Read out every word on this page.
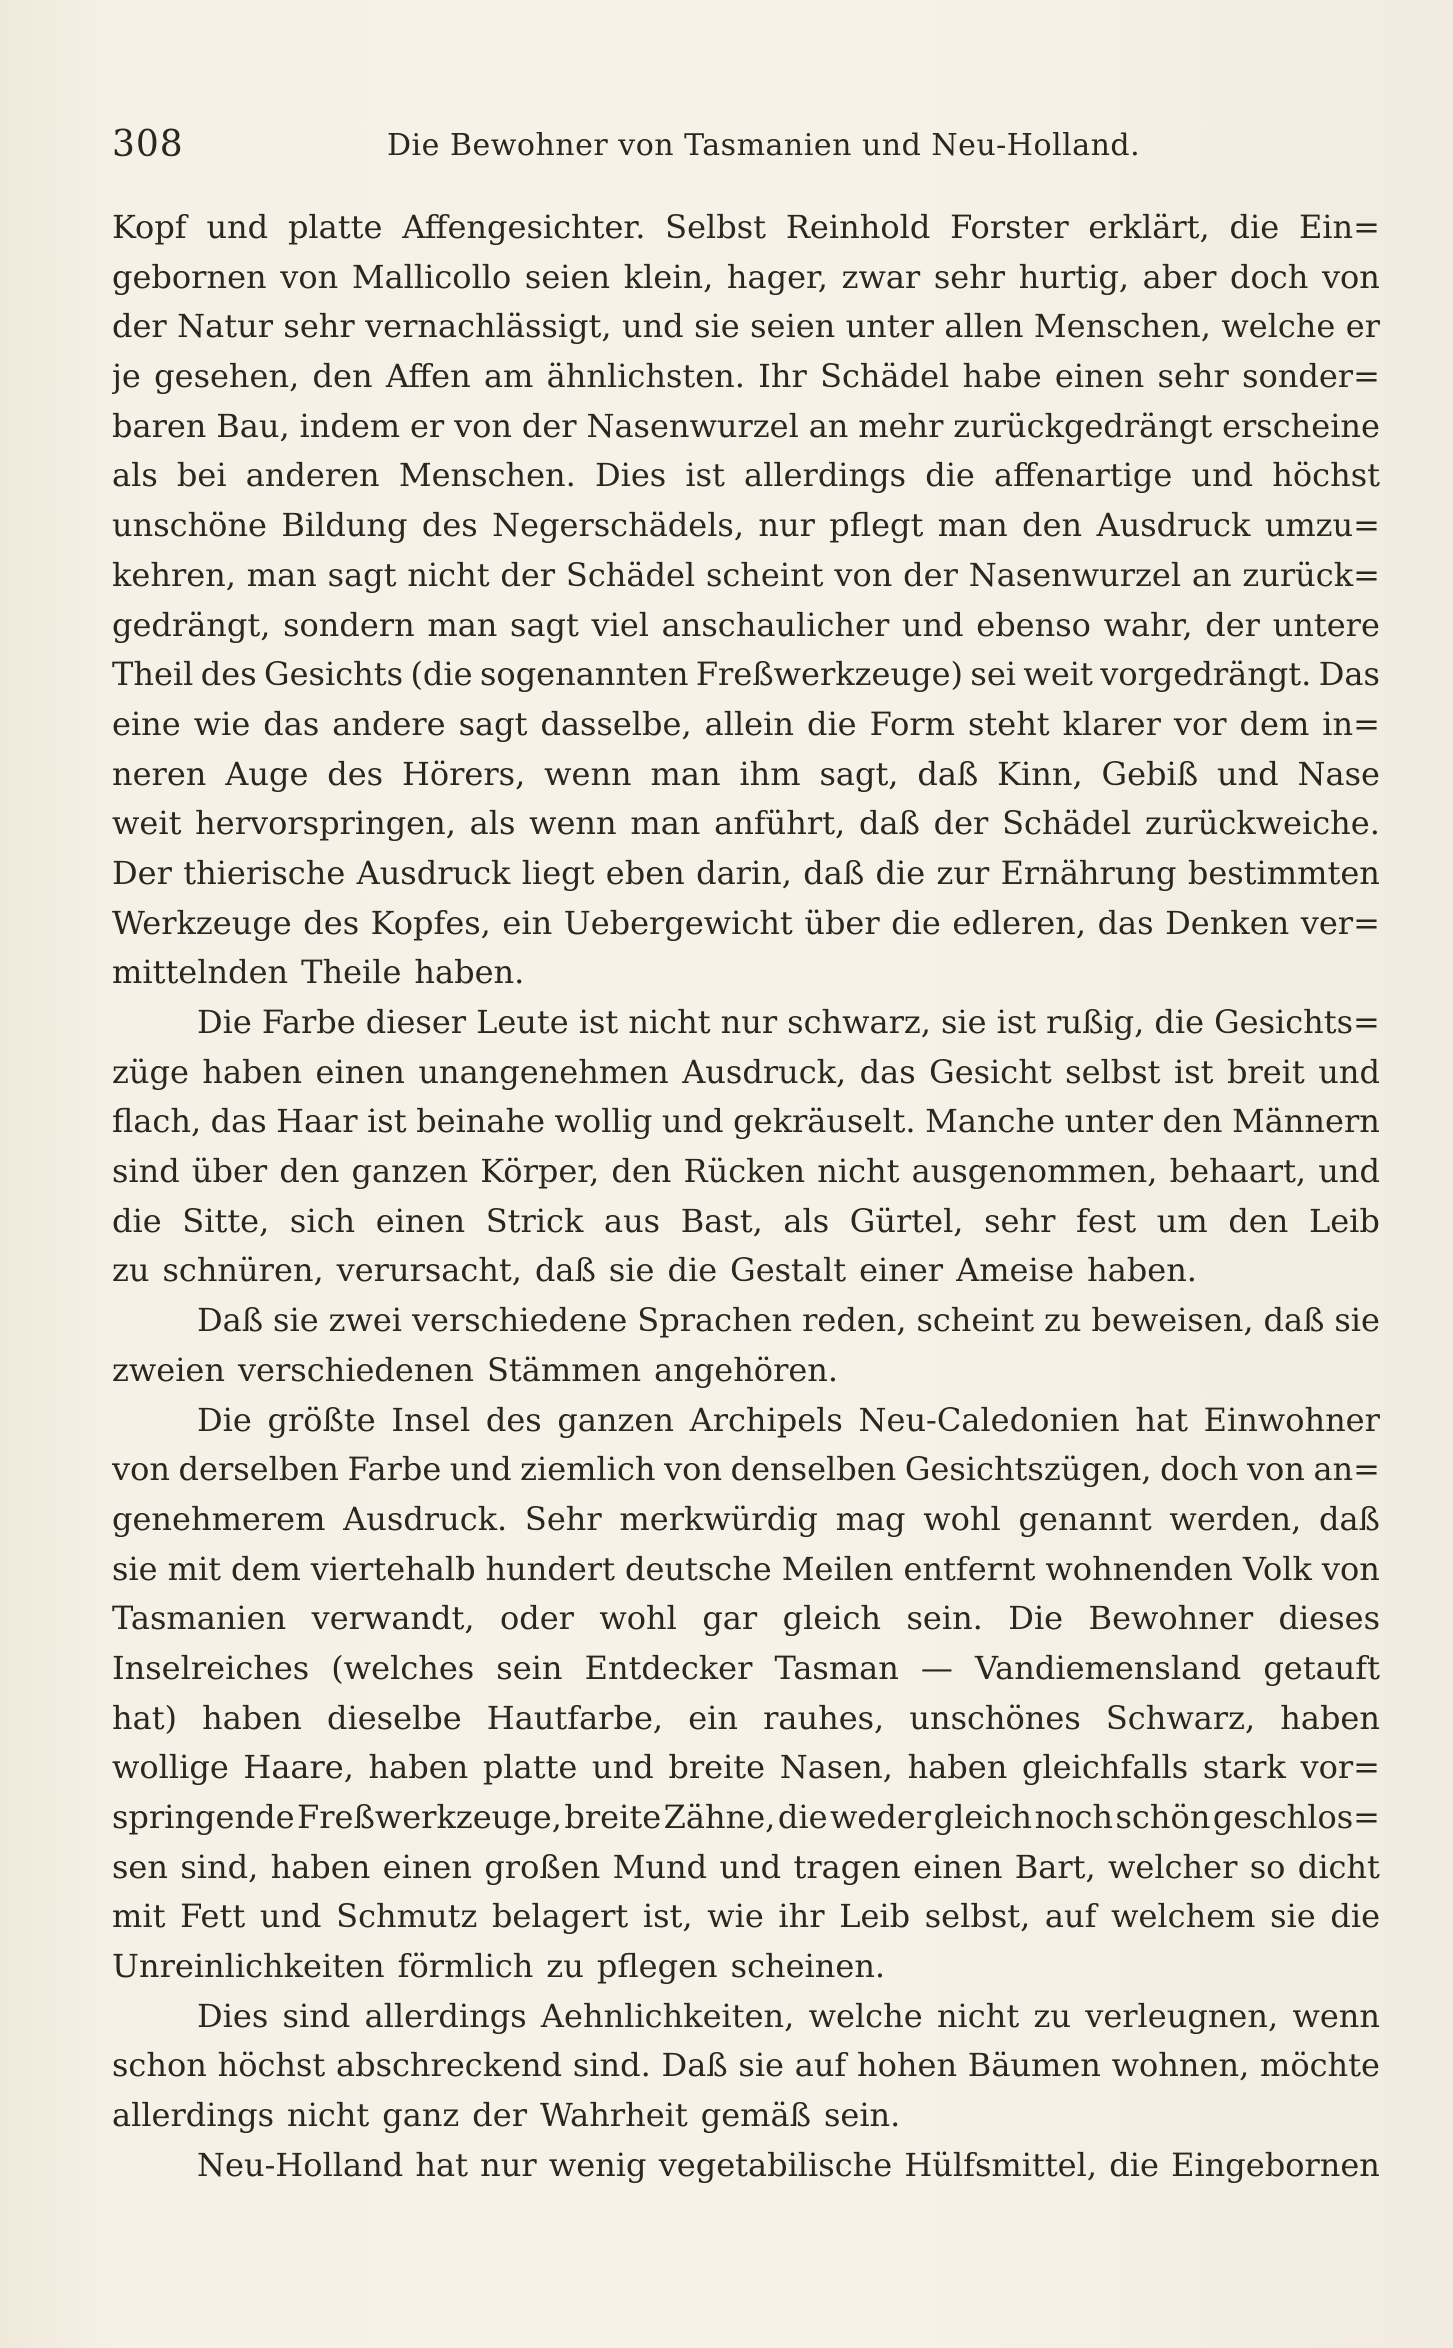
308	Die Bewohner von Tasmanien und Neu-Holland.
Kopf und platte Affengesichter. Selbst Reinhold Forster erklärt, die Ein=
gebornen von Mallicollo seien klein, hager, zwar sehr hurtig, aber doch von
der Natur sehr vernachlässigt, und sie seien unter allen Menschen, welche er
je gesehen, den Affen am ähnlichsten. Ihr Schädel habe einen sehr sonder=
baren Bau, indem er von der Nasenwurzel an mehr zurückgedrängt erscheine
als bei anderen Menschen. Dies ist allerdings die affenartige und höchst
unschöne Bildung des Negerschädels, nur pflegt man den Ausdruck umzu=
kehren, man sagt nicht der Schädel scheint von der Nasenwurzel an zurück=
gedrängt, sondern man sagt viel anschaulicher und ebenso wahr, der untere
Theil des Gesichts (die sogenannten Freßwerkzeuge) sei weit vorgedrängt. Das
eine wie das andere sagt dasselbe, allein die Form steht klarer vor dem in=
neren Auge des Hörers, wenn man ihm sagt, daß Kinn, Gebiß und Nase
weit hervorspringen, als wenn man anführt, daß der Schädel zurückweiche.
Der thierische Ausdruck liegt eben darin, daß die zur Ernährung bestimmten
Werkzeuge des Kopfes, ein Uebergewicht über die edleren, das Denken ver=
mittelnden Theile haben.
Die Farbe dieser Leute ist nicht nur schwarz, sie ist rußig, die Gesichts=
züge haben einen unangenehmen Ausdruck, das Gesicht selbst ist breit und
flach, das Haar ist beinahe wollig und gekräuselt. Manche unter den Männern
sind über den ganzen Körper, den Rücken nicht ausgenommen, behaart, und
die Sitte, sich einen Strick aus Bast, als Gürtel, sehr fest um den Leib
zu schnüren, verursacht, daß sie die Gestalt einer Ameise haben.
Daß sie zwei verschiedene Sprachen reden, scheint zu beweisen, daß sie
zweien verschiedenen Stämmen angehören.
Die größte Insel des ganzen Archipels Neu-Caledonien hat Einwohner
von derselben Farbe und ziemlich von denselben Gesichtszügen, doch von an=
genehmerem Ausdruck. Sehr merkwürdig mag wohl genannt werden, daß
sie mit dem viertehalb hundert deutsche Meilen entfernt wohnenden Volk von
Tasmanien verwandt, oder wohl gar gleich sein. Die Bewohner dieses
Inselreiches (welches sein Entdecker Tasman — Vandiemensland getauft
hat) haben dieselbe Hautfarbe, ein rauhes, unschönes Schwarz, haben
wollige Haare, haben platte und breite Nasen, haben gleichfalls stark vor=
springende Freßwerkzeuge, breite Zähne, die weder gleich noch schön geschlos=
sen sind, haben einen großen Mund und tragen einen Bart, welcher so dicht
mit Fett und Schmutz belagert ist, wie ihr Leib selbst, auf welchem sie die
Unreinlichkeiten förmlich zu pflegen scheinen.
Dies sind allerdings Aehnlichkeiten, welche nicht zu verleugnen, wenn
schon höchst abschreckend sind. Daß sie auf hohen Bäumen wohnen, möchte
allerdings nicht ganz der Wahrheit gemäß sein.
Neu-Holland hat nur wenig vegetabilische Hülfsmittel, die Eingebornen
